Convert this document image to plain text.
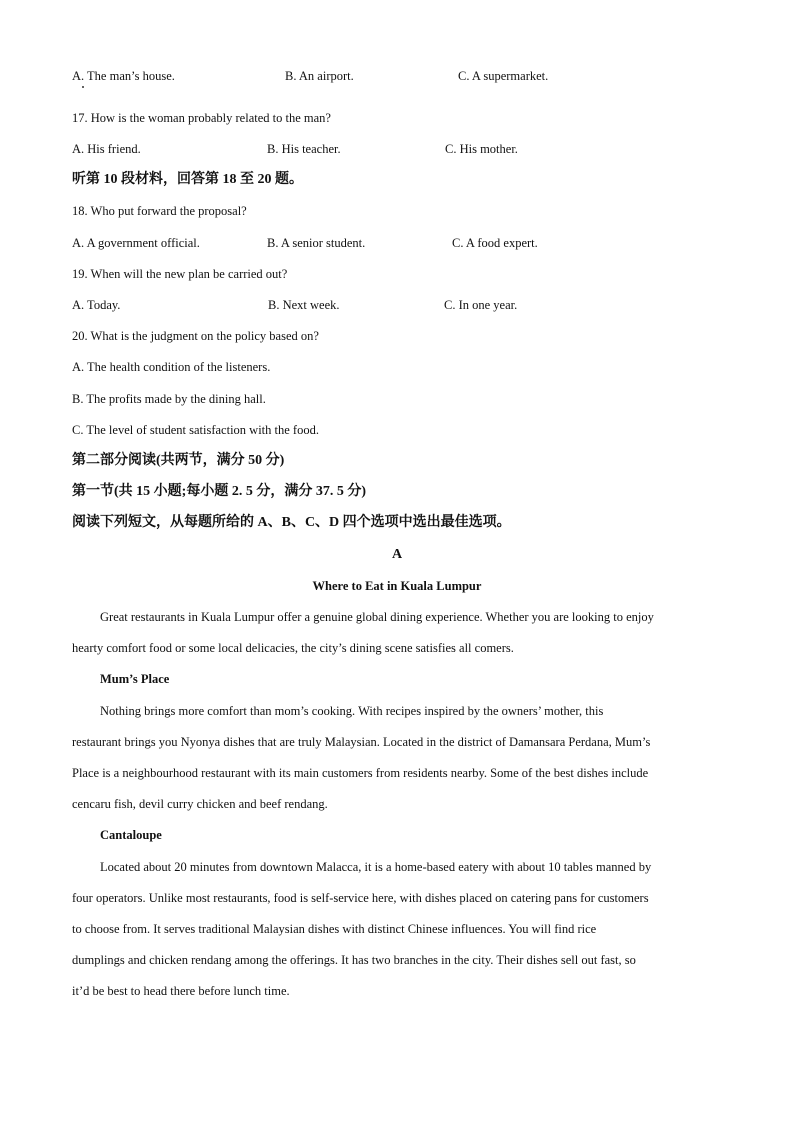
A. The man’s house.	B. An airport.	C. A supermarket.
17. How is the woman probably related to the man?
A. His friend.	B. His teacher.	C. His mother.
听第 10 段材料，回答第 18 至 20 题。
18. Who put forward the proposal?
A. A government official.	B. A senior student.	C. A food expert.
19. When will the new plan be carried out?
A. Today.	B. Next week.	C. In one year.
20. What is the judgment on the policy based on?
A. The health condition of the listeners.
B. The profits made by the dining hall.
C. The level of student satisfaction with the food.
第二部分阅读(共两节，满分 50 分)
第一节(共 15 小题;每小题 2. 5 分，满分 37. 5 分)
阅读下列短文，从每题所给的 A、B、C、D 四个选项中选出最佳选项。
A
Where to Eat in Kuala Lumpur
Great restaurants in Kuala Lumpur offer a genuine global dining experience. Whether you are looking to enjoy
hearty comfort food or some local delicacies, the city’s dining scene satisfies all comers.
Mum’s Place
Nothing brings more comfort than mom’s cooking. With recipes inspired by the owners’ mother, this
restaurant brings you Nyonya dishes that are truly Malaysian. Located in the district of Damansara Perdana, Mum’s
Place is a neighbourhood restaurant with its main customers from residents nearby. Some of the best dishes include
cencaru fish, devil curry chicken and beef rendang.
Cantaloupe
Located about 20 minutes from downtown Malacca, it is a home-based eatery with about 10 tables manned by
four operators. Unlike most restaurants, food is self-service here, with dishes placed on catering pans for customers
to choose from. It serves traditional Malaysian dishes with distinct Chinese influences. You will find rice
dumplings and chicken rendang among the offerings. It has two branches in the city. Their dishes sell out fast, so
it’d be best to head there before lunch time.
